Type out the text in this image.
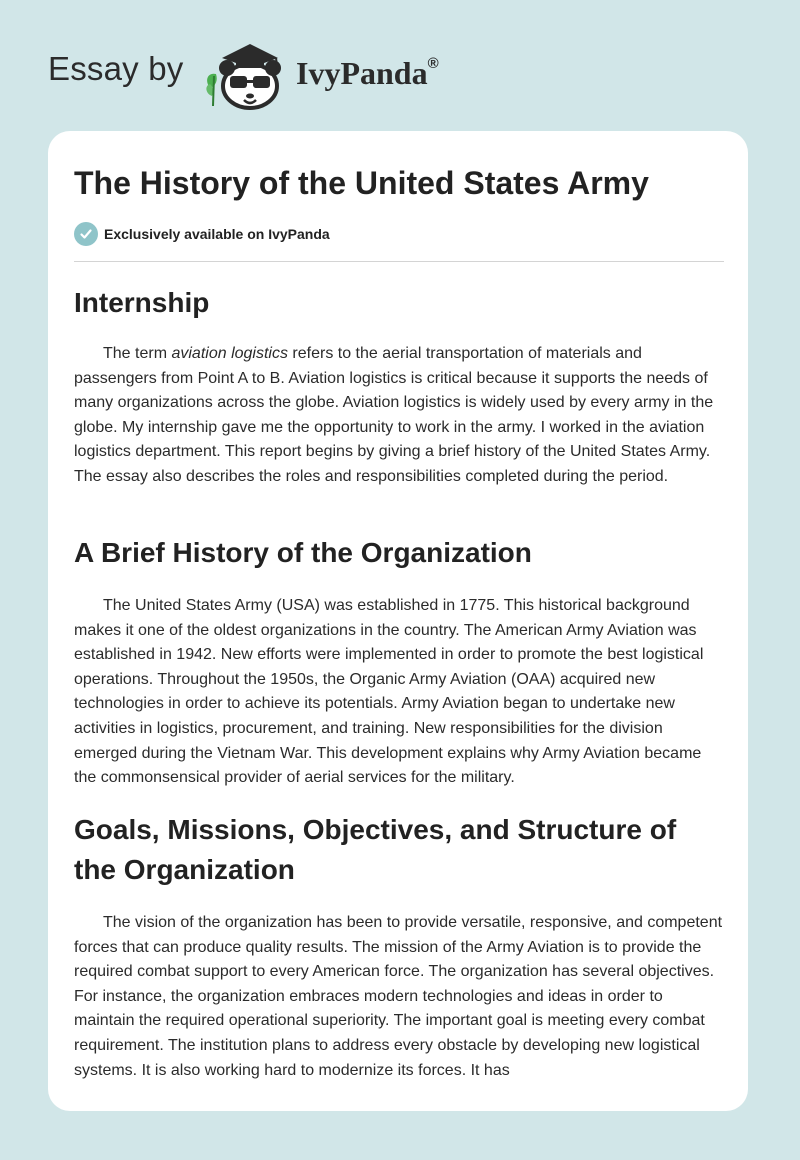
Essay by	IvyPanda®
The History of the United States Army
Exclusively available on IvyPanda
Internship

The term aviation logistics refers to the aerial transportation of materials and passengers from Point A to B. Aviation logistics is critical because it supports the needs of many organizations across the globe. Aviation logistics is widely used by every army in the globe. My internship gave me the opportunity to work in the army. I worked in the aviation logistics department. This report begins by giving a brief history of the United States Army. The essay also describes the roles and responsibilities completed during the period.

A Brief History of the Organization

The United States Army (USA) was established in 1775. This historical background makes it one of the oldest organizations in the country. The American Army Aviation was established in 1942. New efforts were implemented in order to promote the best logistical operations. Throughout the 1950s, the Organic Army Aviation (OAA) acquired new technologies in order to achieve its potentials. Army Aviation began to undertake new activities in logistics, procurement, and training. New responsibilities for the division emerged during the Vietnam War. This development explains why Army Aviation became the commonsensical provider of aerial services for the military.

Goals, Missions, Objectives, and Structure of the Organization

The vision of the organization has been to provide versatile, responsive, and competent forces that can produce quality results. The mission of the Army Aviation is to provide the required combat support to every American force. The organization has several objectives. For instance, the organization embraces modern technologies and ideas in order to maintain the required operational superiority. The important goal is meeting every combat requirement. The institution plans to address every obstacle by developing new logistical systems. It is also working hard to modernize its forces. It has
